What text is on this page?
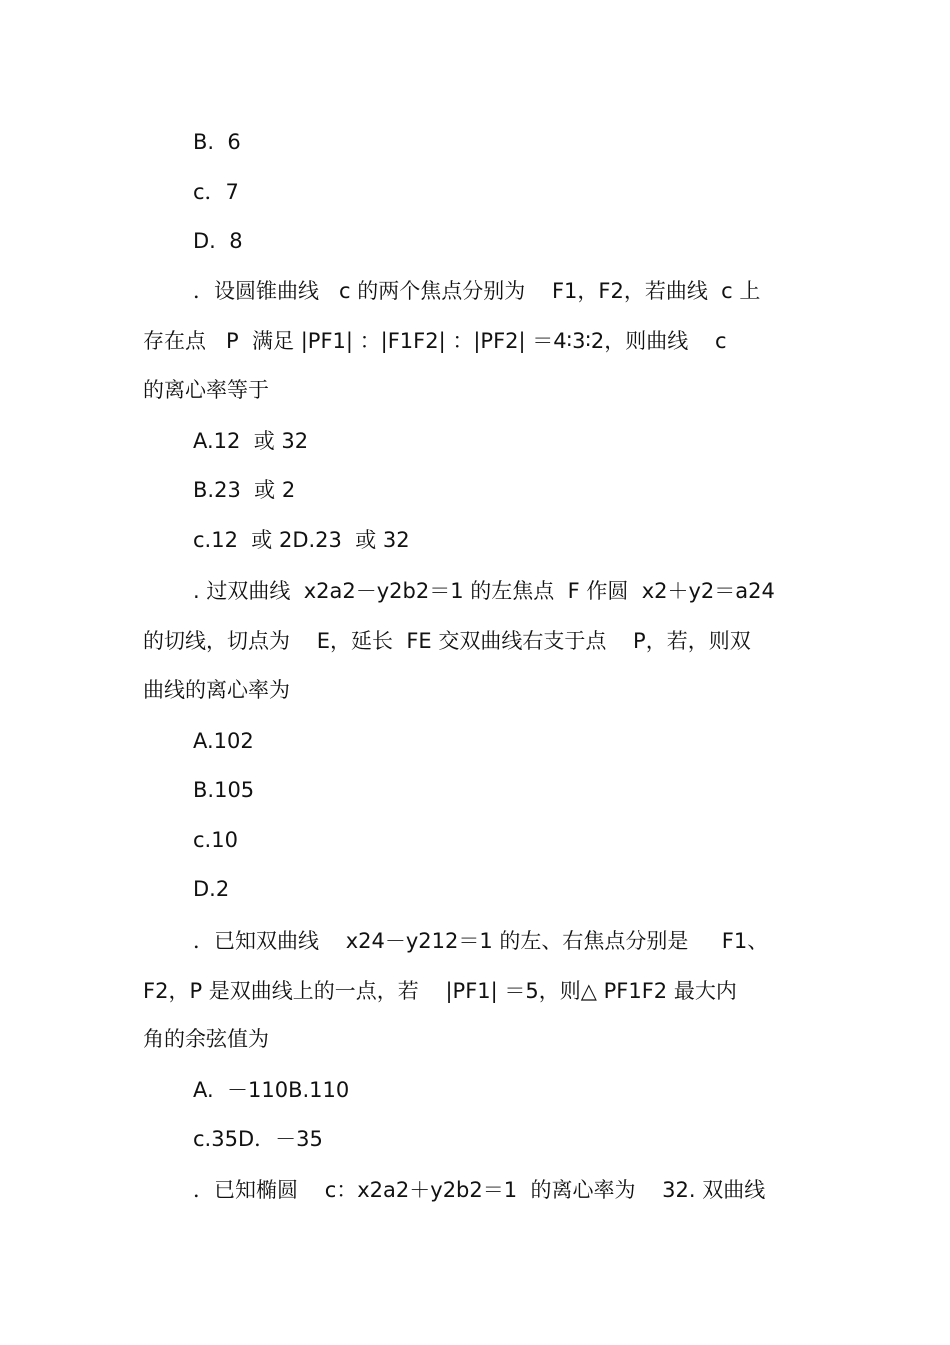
B.  6
c．7
D.  8
．设圆锥曲线   c 的两个焦点分别为    F1，F2，若曲线  c 上
存在点   P  满足 |PF1| ：|F1F2| ：|PF2| ＝4∶3∶2，则曲线    c
的离心率等于
A.12  或 32
B.23  或 2
c.12  或 2D.23  或 32
. 过双曲线  x2a2－y2b2＝1 的左焦点  F 作圆  x2＋y2＝a24
的切线，切点为    E，延长  FE 交双曲线右支于点    P，若，则双
曲线的离心率为
A.102
B.105
c.10
D.2
．已知双曲线    x24－y212＝1 的左、右焦点分别是     F1、
F2，P 是双曲线上的一点，若    |PF1| ＝5，则△ PF1F2 最大内
角的余弦值为
A.  －110B.110
c.35D．－35
．已知椭圆    c：x2a2＋y2b2＝1  的离心率为    32. 双曲线
